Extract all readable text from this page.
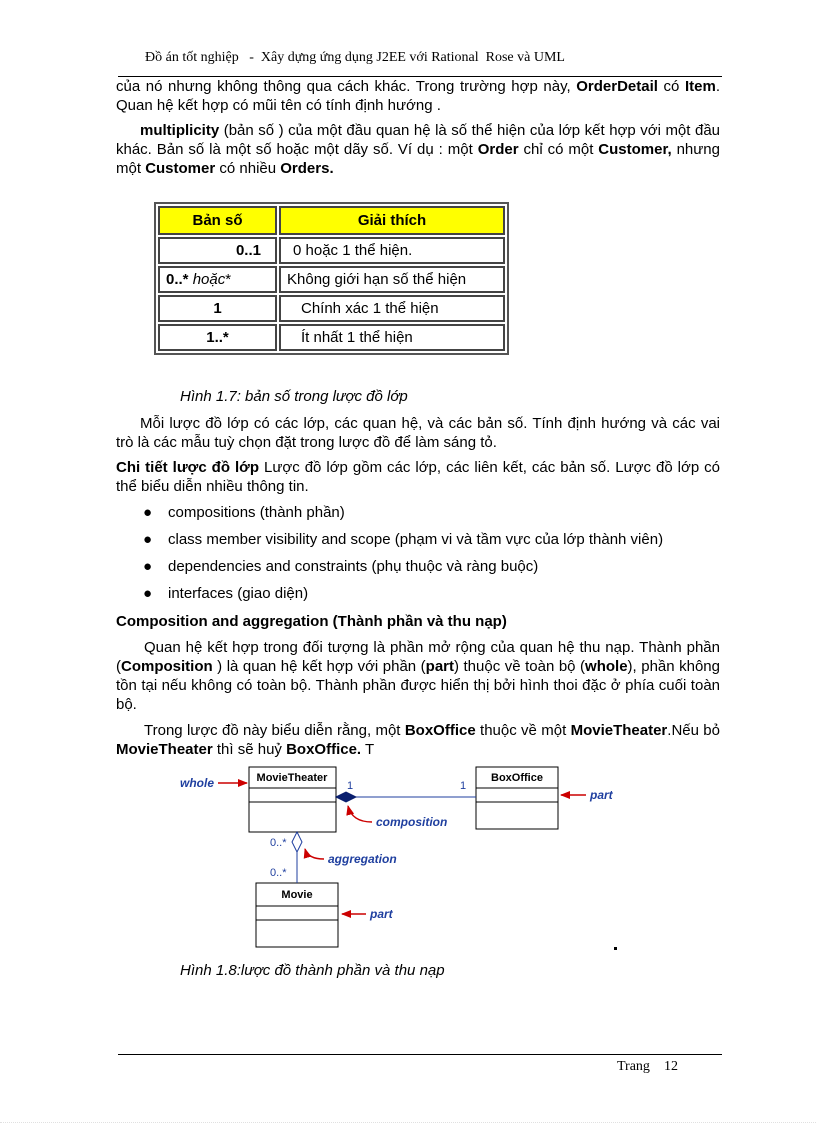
Đồ án tốt nghiệp   -  Xây dựng ứng dụng J2EE với Rational  Rose và UML
của nó nhưng không thông qua cách khác. Trong trường hợp này, OrderDetail có Item. Quan hệ kết hợp có mũi tên có tính định hướng .
multiplicity (bản số ) của một đầu quan hệ là số thể hiện của lớp kết hợp với một đầu khác. Bản số là một số hoặc một dãy số. Ví dụ : một Order chỉ có một Customer, nhưng một Customer có nhiều Orders.
Bản số	Giải thích
0..1	0 hoặc 1 thể hiện.
0..* hoặc*	Không giới hạn số thể hiện
1	Chính xác 1 thể hiện
1..*	Ít nhất 1 thể hiện
Hình 1.7: bản số trong lược đồ lớp
Mỗi lược đồ lớp có các lớp, các quan hệ, và các bản số. Tính định hướng và các vai trò là các mẫu tuỳ chọn đặt trong lược đồ để làm sáng tỏ.
Chi tiết lược đồ lớp Lược đồ lớp gồm các lớp, các liên kết, các bản số. Lược đồ lớp có thể biểu diễn nhiều thông tin.
● compositions (thành phần)
● class member visibility and scope (phạm vi và tầm vực của lớp thành viên)
● dependencies and constraints (phụ thuộc và ràng buộc)
● interfaces (giao diện)
Composition and aggregation (Thành phần và thu nạp)
Quan hệ kết hợp trong đối tượng là phần mở rộng của quan hệ thu nạp. Thành phần (Composition ) là quan hệ kết hợp với phần (part) thuộc về toàn bộ (whole), phần không tồn tại nếu không có toàn bộ. Thành phần được hiển thị bởi hình thoi đặc ở phía cuối toàn bộ.
Trong lược đồ này biểu diễn rằng, một BoxOffice thuộc về một MovieTheater.Nếu bỏ MovieTheater thì sẽ huỷ BoxOffice. T
MovieTheater	BoxOffice
Movie
1	1
0..*
0..*
whole
part
composition
aggregation
part
Hình 1.8:lược đồ thành phần và thu nạp
Trang 12
